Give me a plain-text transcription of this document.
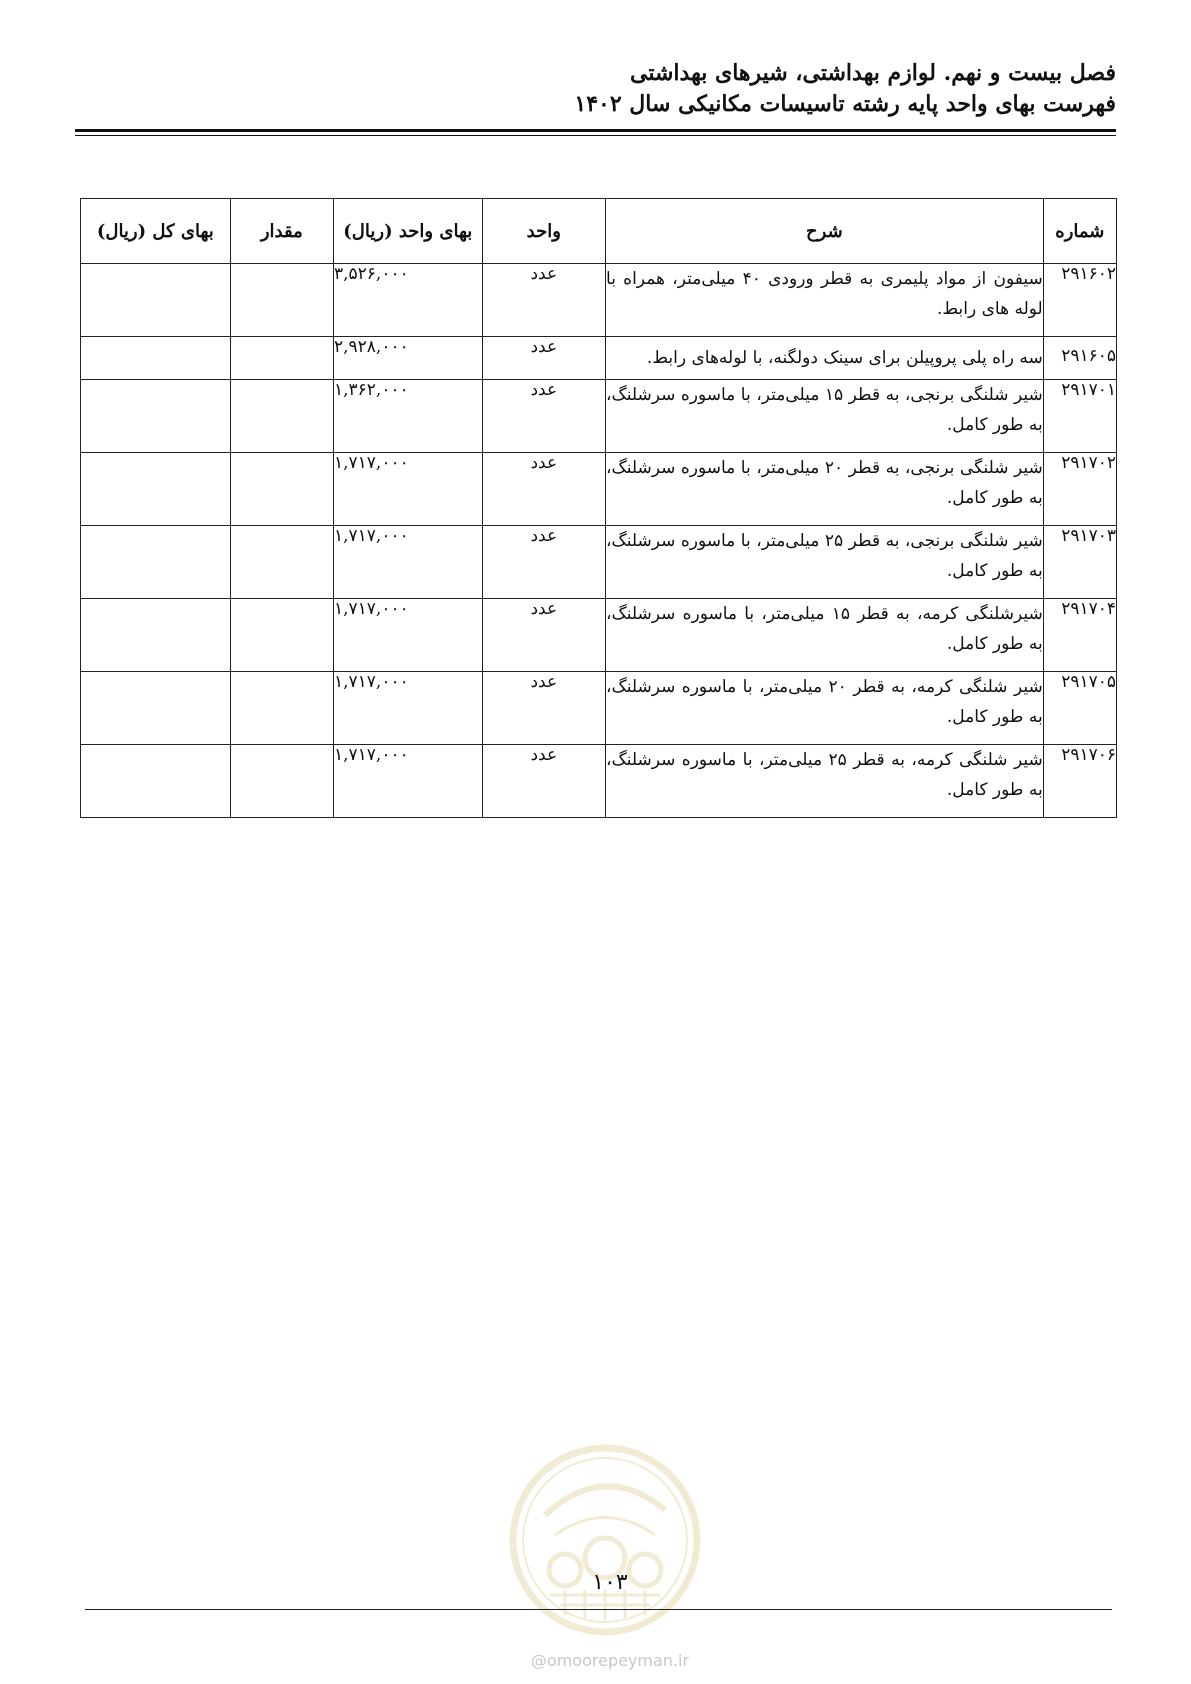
فصل بیست و نهم. لوازم بهداشتی، شیرهای بهداشتی
فهرست بهای واحد پایه رشته تاسیسات مکانیکی سال ۱۴۰۲
شماره	شرح	واحد	بهای واحد (ریال)	مقدار	بهای کل (ریال)
۲۹۱۶۰۲	سیفون از مواد پلیمری به قطر ورودی ۴۰ میلی‌متر، همراه با لوله های رابط.	عدد	۳,۵۲۶,۰۰۰		
۲۹۱۶۰۵	سه راه پلی پروپیلن برای سینک دولگنه، با لوله‌های رابط.	عدد	۲,۹۲۸,۰۰۰		
۲۹۱۷۰۱	شیر شلنگی برنجی، به قطر ۱۵ میلی‌متر، با ماسوره سرشلنگ، به طور کامل.	عدد	۱,۳۶۲,۰۰۰		
۲۹۱۷۰۲	شیر شلنگی برنجی، به قطر ۲۰ میلی‌متر، با ماسوره سرشلنگ، به طور کامل.	عدد	۱,۷۱۷,۰۰۰		
۲۹۱۷۰۳	شیر شلنگی برنجی، به قطر ۲۵ میلی‌متر، با ماسوره سرشلنگ، به طور کامل.	عدد	۱,۷۱۷,۰۰۰		
۲۹۱۷۰۴	شیرشلنگی کرمه، به قطر ۱۵ میلی‌متر، با ماسوره سرشلنگ، به طور کامل.	عدد	۱,۷۱۷,۰۰۰		
۲۹۱۷۰۵	شیر شلنگی کرمه، به قطر ۲۰ میلی‌متر، با ماسوره سرشلنگ، به طور کامل.	عدد	۱,۷۱۷,۰۰۰		
۲۹۱۷۰۶	شیر شلنگی کرمه، به قطر ۲۵ میلی‌متر، با ماسوره سرشلنگ، به طور کامل.	عدد	۱,۷۱۷,۰۰۰		
۱۰۳
@omoorepeyman.ir
